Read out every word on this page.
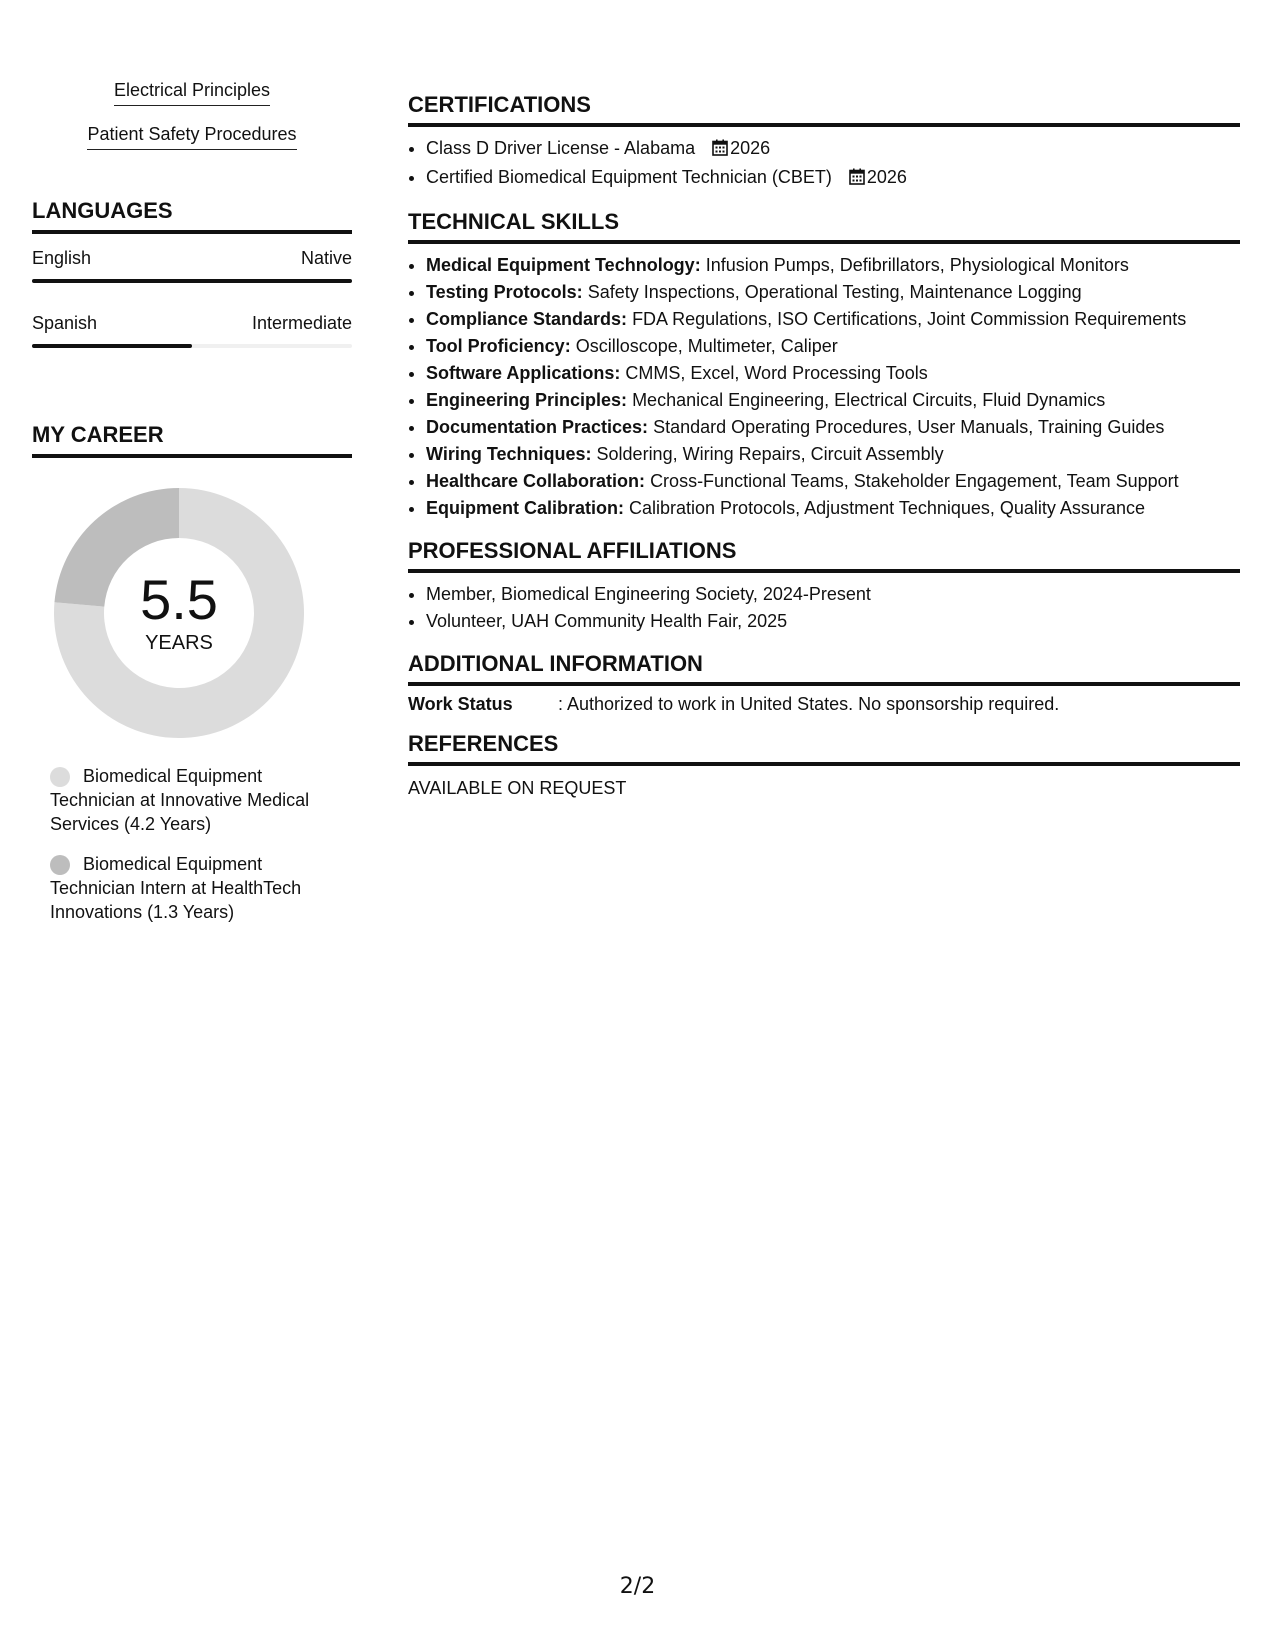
Electrical Principles
Patient Safety Procedures
LANGUAGES
English	Native
Spanish	Intermediate
MY CAREER
5.5
YEARS
Biomedical Equipment Technician at Innovative Medical Services (4.2 Years)
Biomedical Equipment Technician Intern at HealthTech Innovations (1.3 Years)
CERTIFICATIONS
• Class D Driver License - Alabama 2026
• Certified Biomedical Equipment Technician (CBET) 2026
TECHNICAL SKILLS
• Medical Equipment Technology: Infusion Pumps, Defibrillators, Physiological Monitors
• Testing Protocols: Safety Inspections, Operational Testing, Maintenance Logging
• Compliance Standards: FDA Regulations, ISO Certifications, Joint Commission Requirements
• Tool Proficiency: Oscilloscope, Multimeter, Caliper
• Software Applications: CMMS, Excel, Word Processing Tools
• Engineering Principles: Mechanical Engineering, Electrical Circuits, Fluid Dynamics
• Documentation Practices: Standard Operating Procedures, User Manuals, Training Guides
• Wiring Techniques: Soldering, Wiring Repairs, Circuit Assembly
• Healthcare Collaboration: Cross-Functional Teams, Stakeholder Engagement, Team Support
• Equipment Calibration: Calibration Protocols, Adjustment Techniques, Quality Assurance
PROFESSIONAL AFFILIATIONS
• Member, Biomedical Engineering Society, 2024-Present
• Volunteer, UAH Community Health Fair, 2025
ADDITIONAL INFORMATION
Work Status	: Authorized to work in United States. No sponsorship required.
REFERENCES
AVAILABLE ON REQUEST
2/2
